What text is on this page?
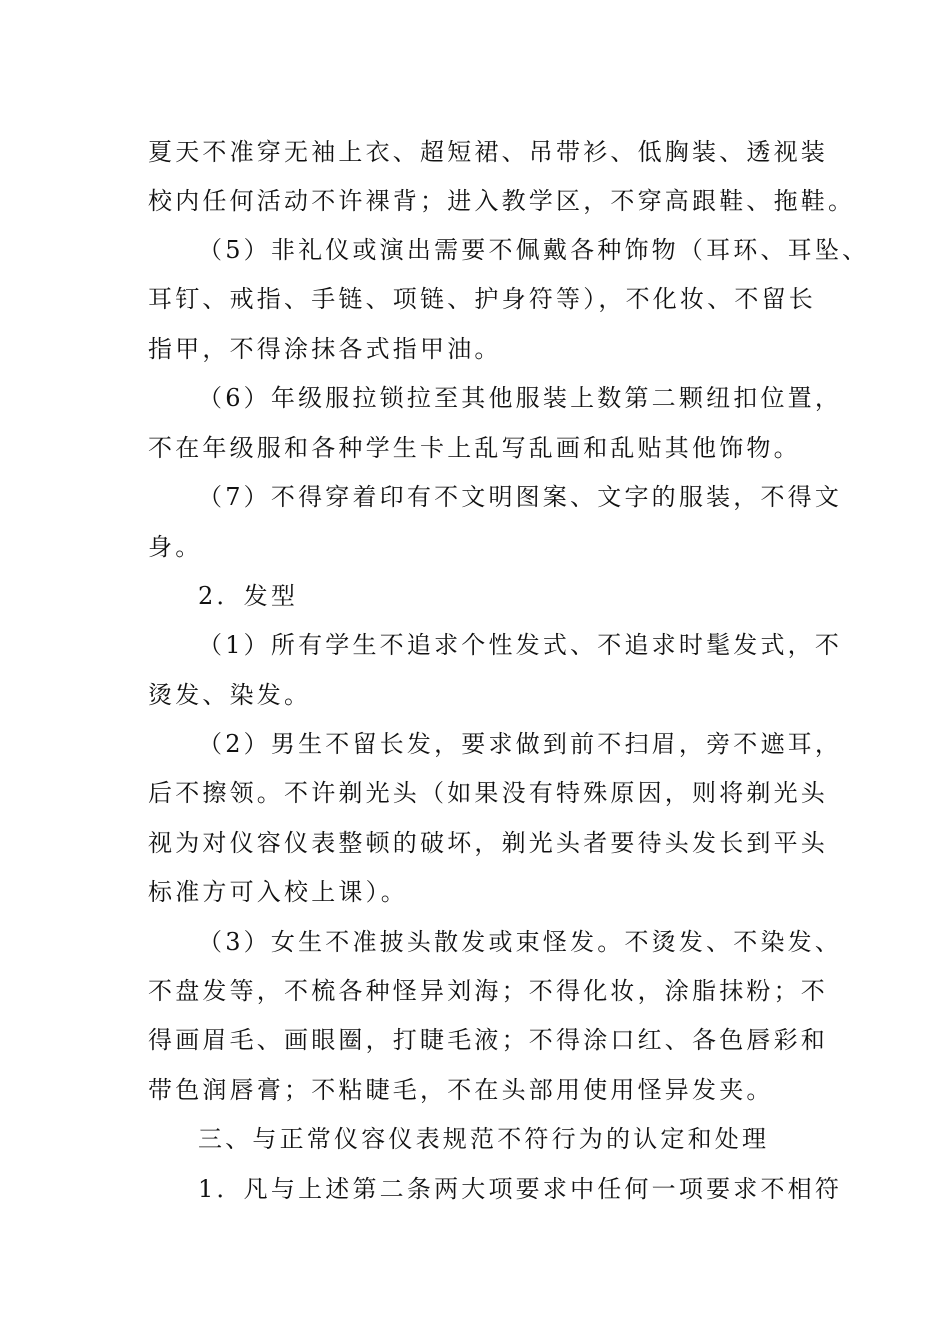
夏天不准穿无袖上衣、超短裙、吊带衫、低胸装、透视装
校内任何活动不许裸背；进入教学区，不穿高跟鞋、拖鞋。
（5）非礼仪或演出需要不佩戴各种饰物（耳环、耳坠、
耳钉、戒指、手链、项链、护身符等），不化妆、不留长
指甲，不得涂抹各式指甲油。
（6）年级服拉锁拉至其他服装上数第二颗纽扣位置，
不在年级服和各种学生卡上乱写乱画和乱贴其他饰物。
（7）不得穿着印有不文明图案、文字的服装，不得文
身。
2．发型
（1）所有学生不追求个性发式、不追求时髦发式，不
烫发、染发。
（2）男生不留长发，要求做到前不扫眉，旁不遮耳，
后不擦领。不许剃光头（如果没有特殊原因，则将剃光头
视为对仪容仪表整顿的破坏，剃光头者要待头发长到平头
标准方可入校上课）。
（3）女生不准披头散发或束怪发。不烫发、不染发、
不盘发等，不梳各种怪异刘海；不得化妆，涂脂抹粉；不
得画眉毛、画眼圈，打睫毛液；不得涂口红、各色唇彩和
带色润唇膏；不粘睫毛，不在头部用使用怪异发夹。
三、与正常仪容仪表规范不符行为的认定和处理
1．凡与上述第二条两大项要求中任何一项要求不相符
